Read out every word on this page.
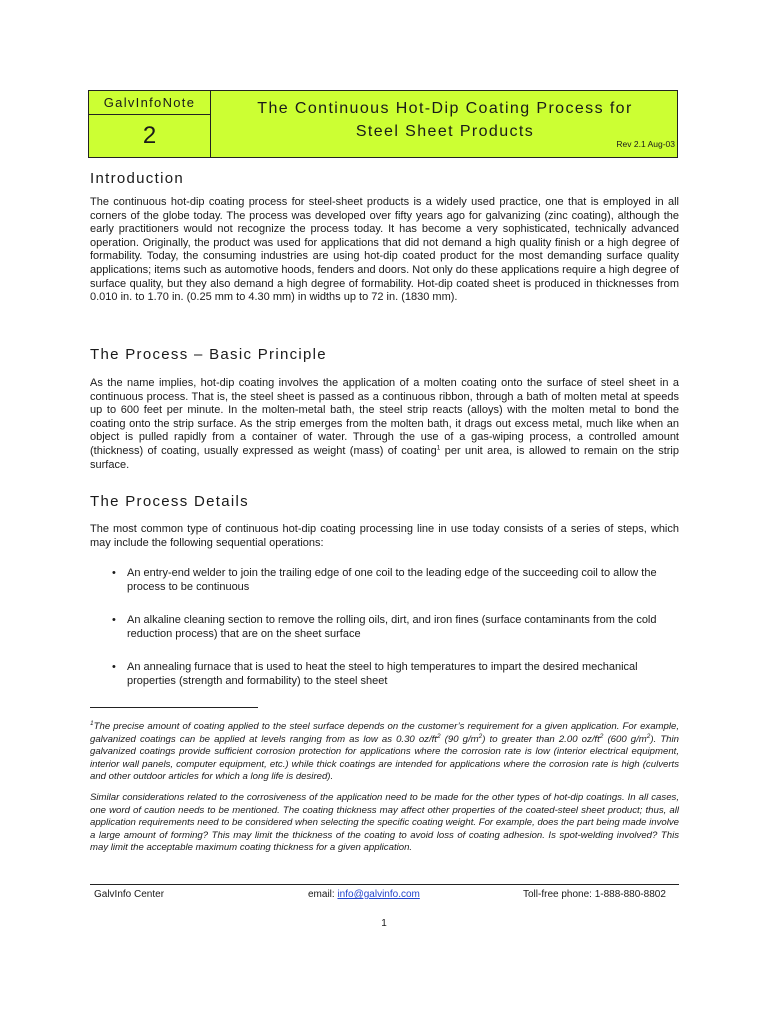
GalvInfoNote
2
The Continuous Hot-Dip Coating Process for
Steel Sheet Products
Rev 2.1 Aug-03
Introduction

The continuous hot-dip coating process for steel-sheet products is a widely used practice, one that is employed in all corners of the globe today. The process was developed over fifty years ago for galvanizing (zinc coating), although the early practitioners would not recognize the process today. It has become a very sophisticated, technically advanced operation. Originally, the product was used for applications that did not demand a high quality finish or a high degree of formability. Today, the consuming industries are using hot-dip coated product for the most demanding surface quality applications; items such as automotive hoods, fenders and doors. Not only do these applications require a high degree of surface quality, but they also demand a high degree of formability. Hot-dip coated sheet is produced in thicknesses from 0.010 in. to 1.70 in. (0.25 mm to 4.30 mm) in widths up to 72 in. (1830 mm).

The Process – Basic Principle

As the name implies, hot-dip coating involves the application of a molten coating onto the surface of steel sheet in a continuous process. That is, the steel sheet is passed as a continuous ribbon, through a bath of molten metal at speeds up to 600 feet per minute. In the molten-metal bath, the steel strip reacts (alloys) with the molten metal to bond the coating onto the strip surface. As the strip emerges from the molten bath, it drags out excess metal, much like when an object is pulled rapidly from a container of water. Through the use of a gas-wiping process, a controlled amount (thickness) of coating, usually expressed as weight (mass) of coating$^1$ per unit area, is allowed to remain on the strip surface.

The Process Details

The most common type of continuous hot-dip coating processing line in use today consists of a series of steps, which may include the following sequential operations:

• An entry-end welder to join the trailing edge of one coil to the leading edge of the succeeding coil to allow the process to be continuous
• An alkaline cleaning section to remove the rolling oils, dirt, and iron fines (surface contaminants from the cold reduction process) that are on the sheet surface
• An annealing furnace that is used to heat the steel to high temperatures to impart the desired mechanical properties (strength and formability) to the steel sheet

$^1$The precise amount of coating applied to the steel surface depends on the customer’s requirement for a given application. For example, galvanized coatings can be applied at levels ranging from as low as 0.30 $oz/ft^2$ (90 $g/m^2$) to greater than 2.00 $oz/ft^2$ (600 $g/m^2$). Thin galvanized coatings provide sufficient corrosion protection for applications where the corrosion rate is low (interior electrical equipment, interior wall panels, computer equipment, etc.) while thick coatings are intended for applications where the corrosion rate is high (culverts and other outdoor articles for which a long life is desired).

Similar considerations related to the corrosiveness of the application need to be made for the other types of hot-dip coatings. In all cases, one word of caution needs to be mentioned. The coating thickness may affect other properties of the coated-steel sheet product; thus, all application requirements need to be considered when selecting the specific coating weight. For example, does the part being made involve a large amount of forming? This may limit the thickness of the coating to avoid loss of coating adhesion. Is spot-welding involved? This may limit the acceptable maximum coating thickness for a given application.

GalvInfo Center	email: info@galvinfo.com	Toll-free phone: 1-888-880-8802
1
